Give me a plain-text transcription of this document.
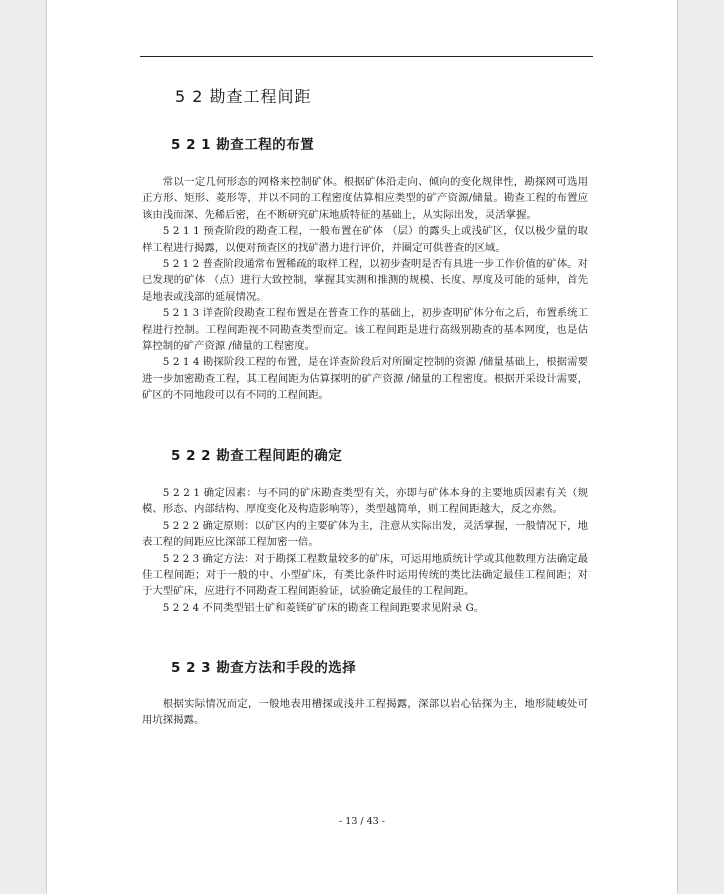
5 2 勘查工程间距
5 2 1 勘查工程的布置

常以一定几何形态的网格来控制矿体。根据矿体沿走向、倾向的变化规律性，勘探网可选用正方形、矩形、菱形等，并以不同的工程密度估算相应类型的矿产资源/储量。勘查工程的布置应该由浅而深、先稀后密，在不断研究矿床地质特征的基础上，从实际出发，灵活掌握。

5 2 1 1 预查阶段的勘查工程，一般布置在矿体 （层）的露头上或浅矿区，仅以极少量的取样工程进行揭露，以便对预查区的找矿潜力进行评价，并圈定可供普查的区域。

5 2 1 2 普查阶段通常布置稀疏的取样工程，以初步查明是否有具进一步工作价值的矿体。对已发现的矿体 （点）进行大致控制，掌握其实测和推测的规模、长度、厚度及可能的延伸，首先是地表或浅部的延展情况。

5 2 1 3 详查阶段勘查工程布置是在普查工作的基础上，初步查明矿体分布之后，布置系统工程进行控制。工程间距视不同勘查类型而定。该工程间距是进行高级别勘查的基本网度，也是估算控制的矿产资源 /储量的工程密度。

5 2 1 4 勘探阶段工程的布置，是在详查阶段后对所圈定控制的资源 /储量基础上，根据需要进一步加密勘查工程，其工程间距为估算探明的矿产资源 /储量的工程密度。根据开采设计需要，矿区的不同地段可以有不同的工程间距。

5 2 2 勘查工程间距的确定

5 2 2 1 确定因素：与不同的矿床勘查类型有关，亦即与矿体本身的主要地质因素有关（规模、形态、内部结构、厚度变化及构造影响等），类型越简单，则工程间距越大，反之亦然。

5 2 2 2 确定原则：以矿区内的主要矿体为主，注意从实际出发，灵活掌握，一般情况下，地表工程的间距应比深部工程加密一倍。

5 2 2 3 确定方法：对于勘探工程数量较多的矿床，可运用地质统计学或其他数理方法确定最佳工程间距；对于一般的中、小型矿床，有类比条件时运用传统的类比法确定最佳工程间距；对于大型矿床，应进行不同勘查工程间距验证，试验确定最佳的工程间距。

5 2 2 4 不同类型铝土矿和菱镁矿矿床的勘查工程间距要求见附录 G。

5 2 3 勘查方法和手段的选择

根据实际情况而定，一般地表用槽探或浅井工程揭露，深部以岩心钻探为主，地形陡峻处可用坑探揭露。

- 13 / 43 -
